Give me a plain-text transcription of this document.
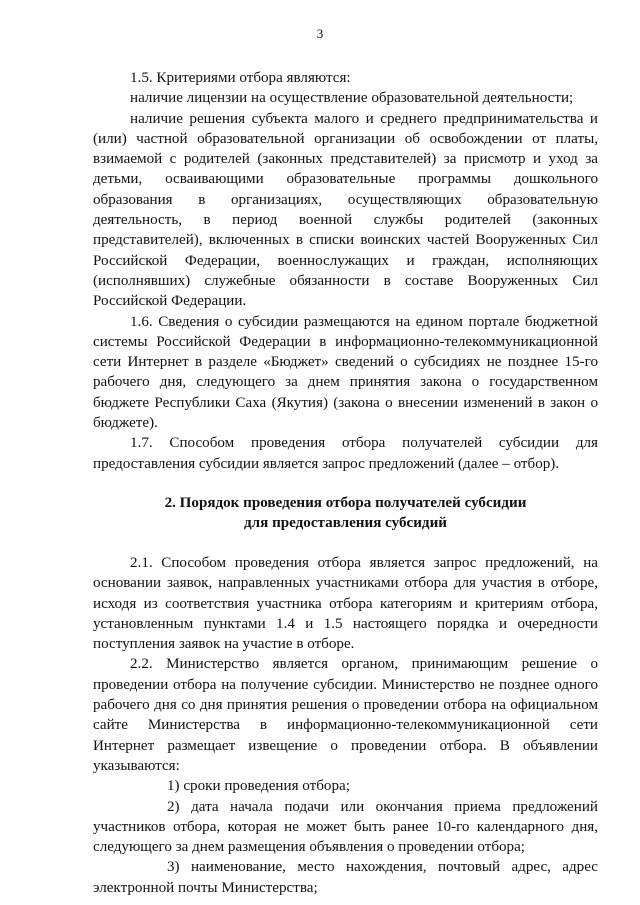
3

1.5. Критериями отбора являются:

наличие лицензии на осуществление образовательной деятельности;

наличие решения субъекта малого и среднего предпринимательства и (или) частной образовательной организации об освобождении от платы, взимаемой с родителей (законных представителей) за присмотр и уход за детьми, осваивающими образовательные программы дошкольного образования в организациях, осуществляющих образовательную деятельность, в период военной службы родителей (законных представителей), включенных в списки воинских частей Вооруженных Сил Российской Федерации, военнослужащих и граждан, исполняющих (исполнявших) служебные обязанности в составе Вооруженных Сил Российской Федерации.

1.6. Сведения о субсидии размещаются на едином портале бюджетной системы Российской Федерации в информационно-телекоммуникационной сети Интернет в разделе «Бюджет» сведений о субсидиях не позднее 15-го рабочего дня, следующего за днем принятия закона о государственном бюджете Республики Саха (Якутия) (закона о внесении изменений в закон о бюджете).

1.7. Способом проведения отбора получателей субсидии для предоставления субсидии является запрос предложений (далее – отбор).

2. Порядок проведения отбора получателей субсидии
для предоставления субсидий

2.1. Способом проведения отбора является запрос предложений, на основании заявок, направленных участниками отбора для участия в отборе, исходя из соответствия участника отбора категориям и критериям отбора, установленным пунктами 1.4 и 1.5 настоящего порядка и очередности поступления заявок на участие в отборе.

2.2. Министерство является органом, принимающим решение о проведении отбора на получение субсидии. Министерство не позднее одного рабочего дня со дня принятия решения о проведении отбора на официальном сайте Министерства в информационно-телекоммуникационной сети Интернет размещает извещение о проведении отбора. В объявлении указываются:

1) сроки проведения отбора;

2) дата начала подачи или окончания приема предложений участников отбора, которая не может быть ранее 10-го календарного дня, следующего за днем размещения объявления о проведении отбора;

3) наименование, место нахождения, почтовый адрес, адрес электронной почты Министерства;
